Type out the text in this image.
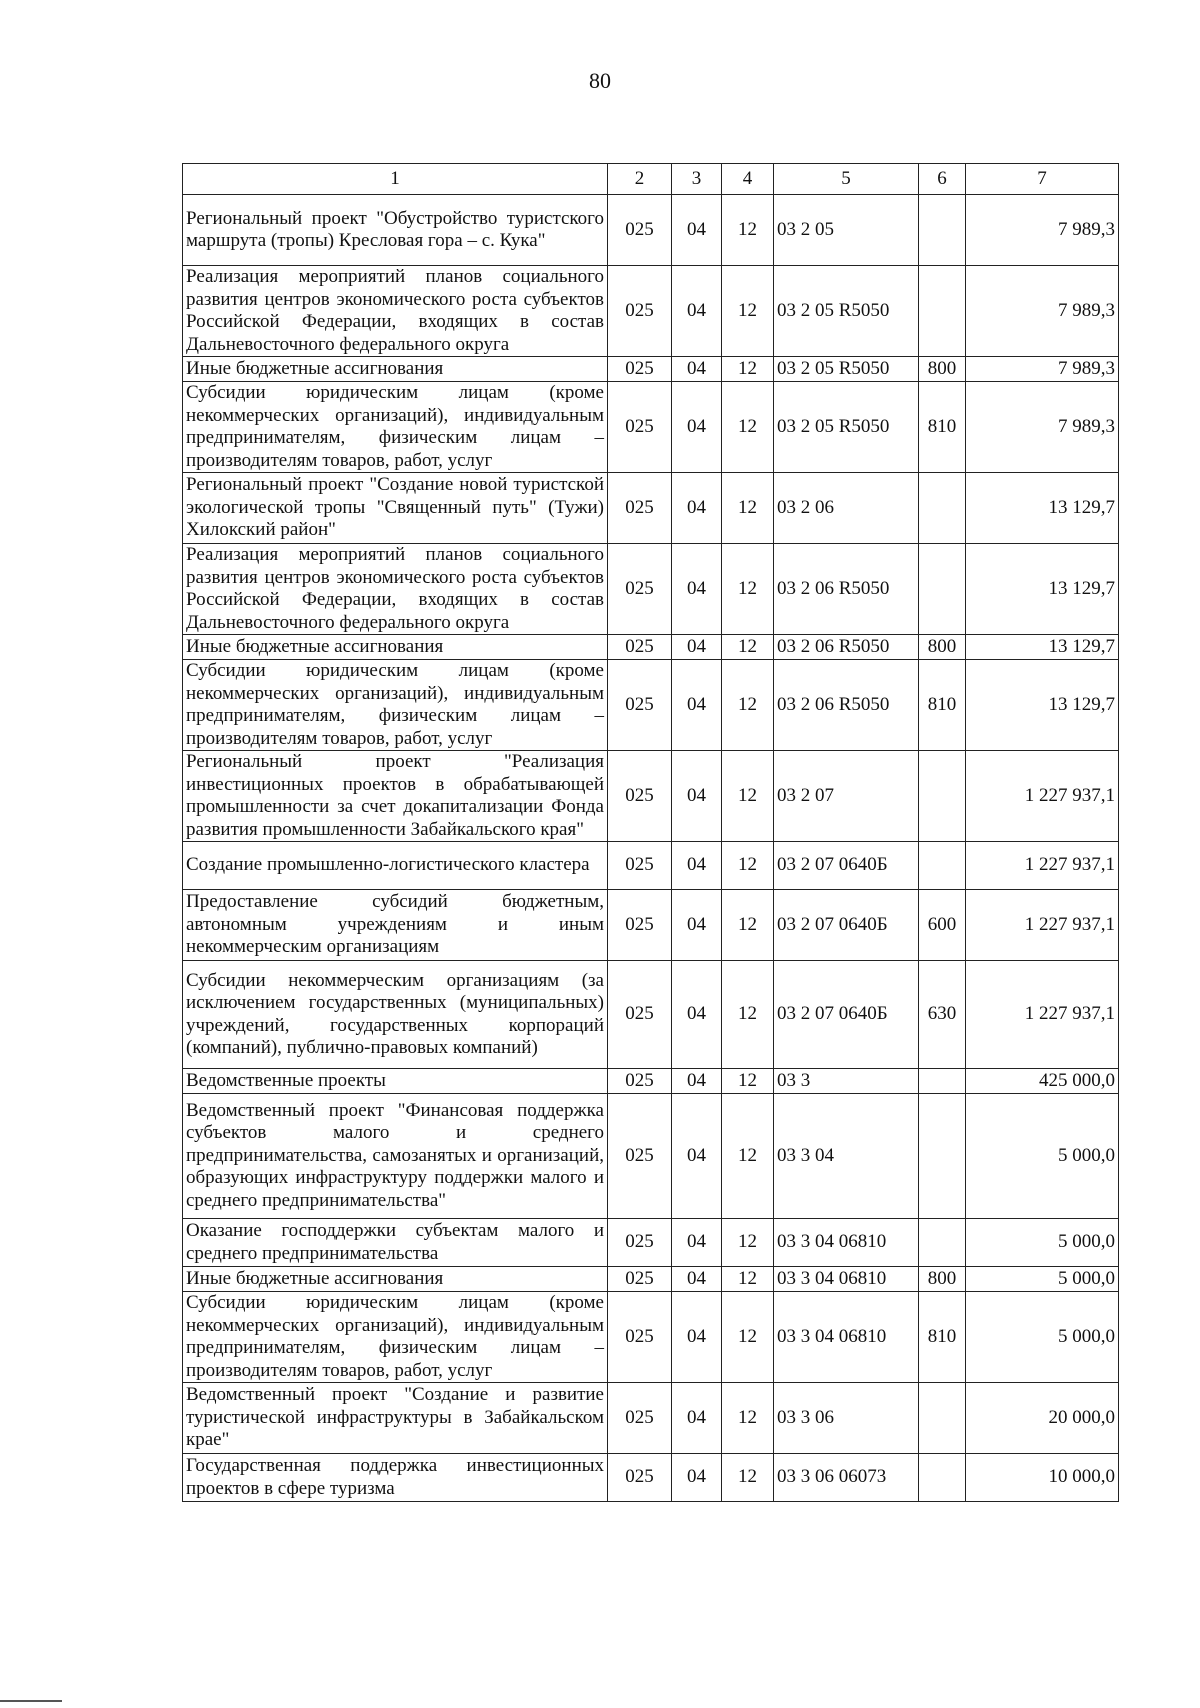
80
1	2	3	4	5	6	7
Региональный проект "Обустройство туристского маршрута (тропы) Кресловая гора – с. Кука"	025	04	12	03 2 05		7 989,3
Реализация мероприятий планов социального развития центров экономического роста субъектов Российской Федерации, входящих в состав Дальневосточного федерального округа	025	04	12	03 2 05 R5050		7 989,3
Иные бюджетные ассигнования	025	04	12	03 2 05 R5050	800	7 989,3
Субсидии юридическим лицам (кроме некоммерческих организаций), индивидуальным предпринимателям, физическим лицам – производителям товаров, работ, услуг	025	04	12	03 2 05 R5050	810	7 989,3
Региональный проект "Создание новой туристской экологической тропы "Священный путь" (Тужи) Хилокский район"	025	04	12	03 2 06		13 129,7
Реализация мероприятий планов социального развития центров экономического роста субъектов Российской Федерации, входящих в состав Дальневосточного федерального округа	025	04	12	03 2 06 R5050		13 129,7
Иные бюджетные ассигнования	025	04	12	03 2 06 R5050	800	13 129,7
Субсидии юридическим лицам (кроме некоммерческих организаций), индивидуальным предпринимателям, физическим лицам – производителям товаров, работ, услуг	025	04	12	03 2 06 R5050	810	13 129,7
Региональный проект "Реализация инвестиционных проектов в обрабатывающей промышленности за счет докапитализации Фонда развития промышленности Забайкальского края"	025	04	12	03 2 07		1 227 937,1
Создание промышленно-логистического кластера	025	04	12	03 2 07 0640Б		1 227 937,1
Предоставление субсидий бюджетным, автономным учреждениям и иным некоммерческим организациям	025	04	12	03 2 07 0640Б	600	1 227 937,1
Субсидии некоммерческим организациям (за исключением государственных (муниципальных) учреждений, государственных корпораций (компаний), публично-правовых компаний)	025	04	12	03 2 07 0640Б	630	1 227 937,1
Ведомственные проекты	025	04	12	03 3		425 000,0
Ведомственный проект "Финансовая поддержка субъектов малого и среднего предпринимательства, самозанятых и организаций, образующих инфраструктуру поддержки малого и среднего предпринимательства"	025	04	12	03 3 04		5 000,0
Оказание господдержки субъектам малого и среднего предпринимательства	025	04	12	03 3 04 06810		5 000,0
Иные бюджетные ассигнования	025	04	12	03 3 04 06810	800	5 000,0
Субсидии юридическим лицам (кроме некоммерческих организаций), индивидуальным предпринимателям, физическим лицам – производителям товаров, работ, услуг	025	04	12	03 3 04 06810	810	5 000,0
Ведомственный проект "Создание и развитие туристической инфраструктуры в Забайкальском крае"	025	04	12	03 3 06		20 000,0
Государственная поддержка инвестиционных проектов в сфере туризма	025	04	12	03 3 06 06073		10 000,0
